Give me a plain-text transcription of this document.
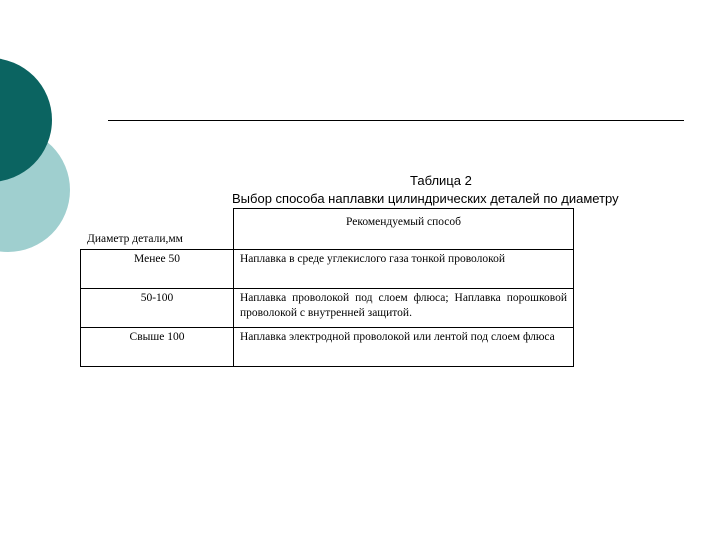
Таблица 2
Выбор способа наплавки цилиндрических деталей по диаметру
Диаметр детали,мм	Рекомендуемый способ
Менее 50	Наплавка в среде углекислого газа тонкой проволокой
50-100	Наплавка проволокой под слоем флюса; Наплавка порошковой проволокой с внутренней защитой.
Свыше 100	Наплавка электродной проволокой или лентой под слоем флюса
